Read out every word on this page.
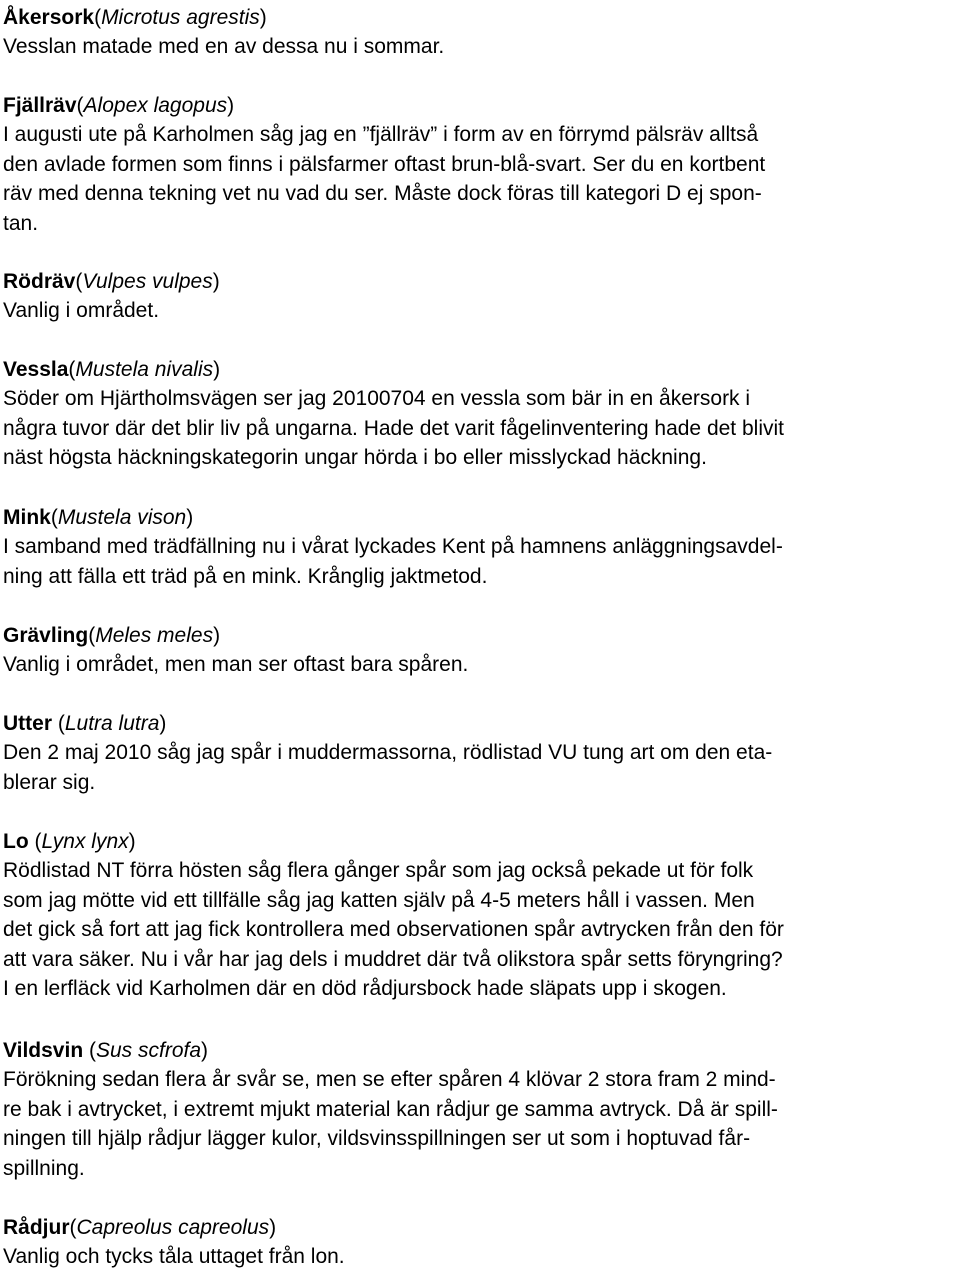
Åkersork(Microtus agrestis)
Vesslan matade med en av dessa nu i sommar.
Fjällräv(Alopex lagopus)
I augusti ute på Karholmen såg jag en ”fjällräv” i form av en förrymd pälsräv alltså
den avlade formen som finns i pälsfarmer oftast brun-blå-svart. Ser du en kortbent
räv med denna tekning vet nu vad du ser. Måste dock föras till kategori D ej spon-
tan.
Rödräv(Vulpes vulpes)
Vanlig i området.
Vessla(Mustela nivalis)
Söder om Hjärtholmsvägen ser jag 20100704 en vessla som bär in en åkersork i
några tuvor där det blir liv på ungarna. Hade det varit fågelinventering hade det blivit
näst högsta häckningskategorin ungar hörda i bo eller misslyckad häckning.
Mink(Mustela vison)
I samband med trädfällning nu i vårat lyckades Kent på hamnens anläggningsavdel-
ning att fälla ett träd på en mink. Krånglig jaktmetod.
Grävling(Meles meles)
Vanlig i området, men man ser oftast bara spåren.
Utter (Lutra lutra)
Den 2 maj 2010 såg jag spår i muddermassorna, rödlistad VU tung art om den eta-
blerar sig.
Lo (Lynx lynx)
Rödlistad NT förra hösten såg flera gånger spår som jag också pekade ut för folk
som jag mötte vid ett tillfälle såg jag katten själv på 4-5 meters håll i vassen. Men
det gick så fort att jag fick kontrollera med observationen spår avtrycken från den för
att vara säker. Nu i vår har jag dels i muddret där två olikstora spår setts föryngring?
I en lerfläck vid Karholmen där en död rådjursbock hade släpats upp i skogen.
Vildsvin (Sus scfrofa)
Förökning sedan flera år svår se, men se efter spåren 4 klövar 2 stora fram 2 mind-
re bak i avtrycket, i extremt mjukt material kan rådjur ge samma avtryck. Då är spill-
ningen till hjälp rådjur lägger kulor, vildsvinsspillningen ser ut som i hoptuvad får-
spillning.
Rådjur(Capreolus capreolus)
Vanlig och tycks tåla uttaget från lon.
